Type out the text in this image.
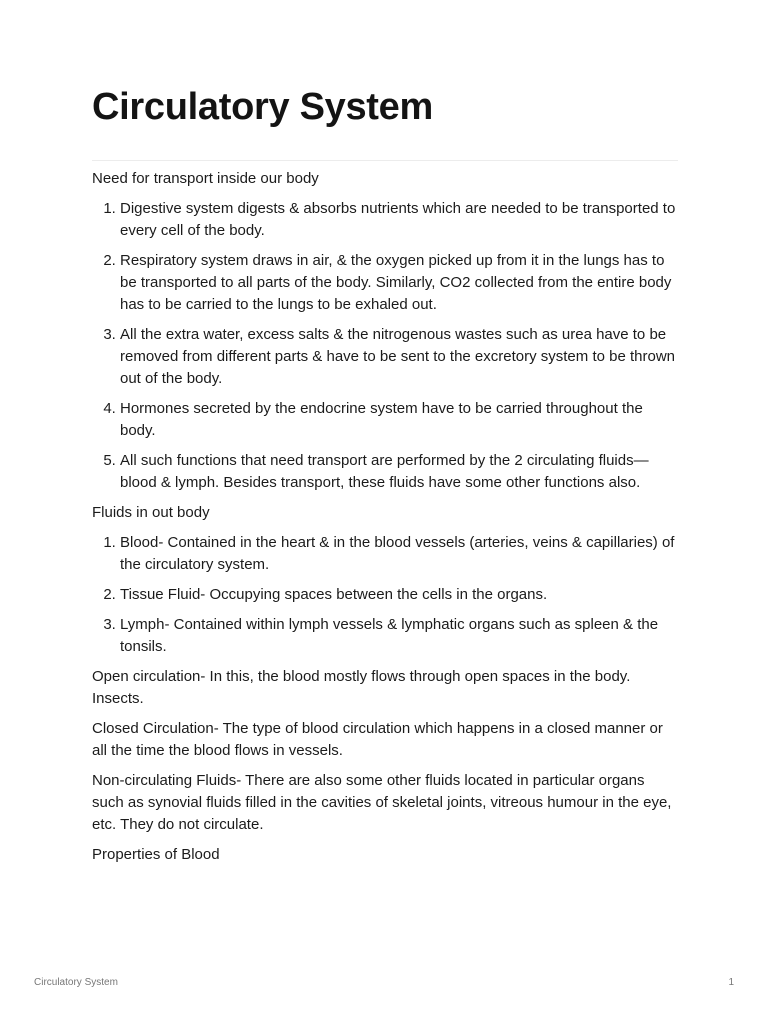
Circulatory System

Need for transport inside our body

1. Digestive system digests & absorbs nutrients which are needed to be transported to every cell of the body.
2. Respiratory system draws in air, & the oxygen picked up from it in the lungs has to be transported to all parts of the body. Similarly, CO2 collected from the entire body has to be carried to the lungs to be exhaled out.
3. All the extra water, excess salts & the nitrogenous wastes such as urea have to be removed from different parts & have to be sent to the excretory system to be thrown out of the body.
4. Hormones secreted by the endocrine system have to be carried throughout the body.
5. All such functions that need transport are performed by the 2 circulating fluids— blood & lymph. Besides transport, these fluids have some other functions also.

Fluids in out body

1. Blood- Contained in the heart & in the blood vessels (arteries, veins & capillaries) of the circulatory system.
2. Tissue Fluid- Occupying spaces between the cells in the organs.
3. Lymph- Contained within lymph vessels & lymphatic organs such as spleen & the tonsils.

Open circulation- In this, the blood mostly flows through open spaces in the body. Insects.

Closed Circulation- The type of blood circulation which happens in a closed manner or all the time the blood flows in vessels.

Non-circulating Fluids- There are also some other fluids located in particular organs such as synovial fluids filled in the cavities of skeletal joints, vitreous humour in the eye, etc. They do not circulate.

Properties of Blood

Circulatory System	1
